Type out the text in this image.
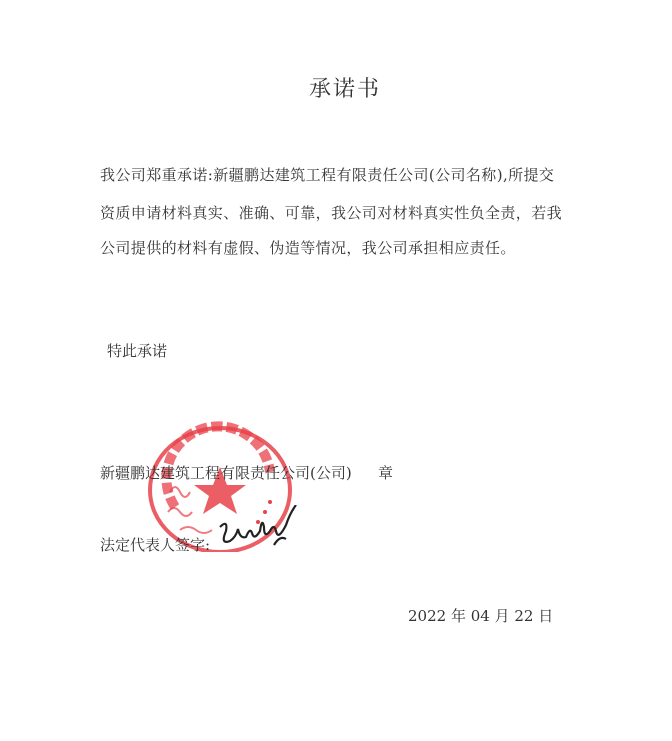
承诺书
我公司郑重承诺:新疆鹏达建筑工程有限责任公司(公司名称),所提交
资质申请材料真实、准确、可靠，我公司对材料真实性负全责，若我
公司提供的材料有虚假、伪造等情况，我公司承担相应责任。
特此承诺
新疆鹏达建筑工程有限责任公司(公司) 章
法定代表人签字:
2022 年 04 月 22 日
